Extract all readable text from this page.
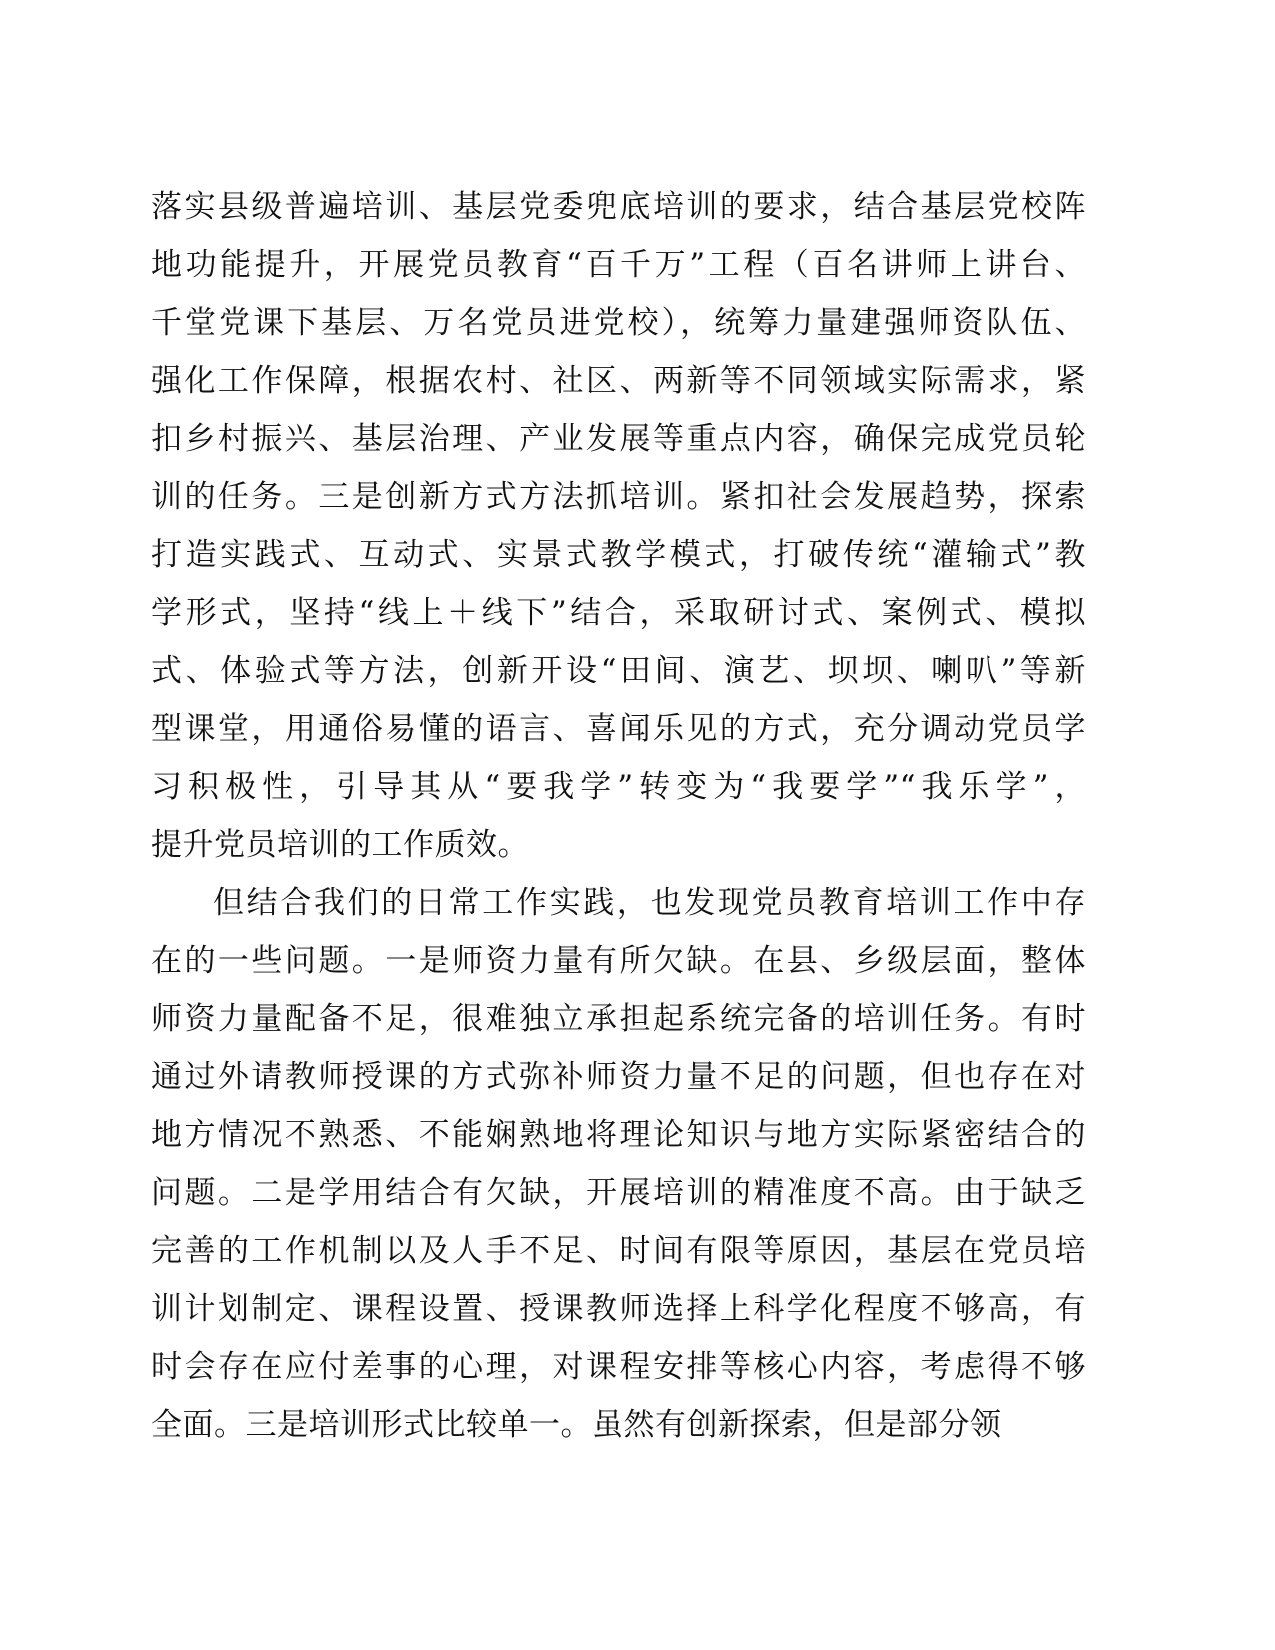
落实县级普遍培训、基层党委兜底培训的要求，结合基层党校阵
地功能提升，开展党员教育“百千万”工程（百名讲师上讲台、
千堂党课下基层、万名党员进党校），统筹力量建强师资队伍、
强化工作保障，根据农村、社区、两新等不同领域实际需求，紧
扣乡村振兴、基层治理、产业发展等重点内容，确保完成党员轮
训的任务。三是创新方式方法抓培训。紧扣社会发展趋势，探索
打造实践式、互动式、实景式教学模式，打破传统“灌输式”教
学形式，坚持“线上＋线下”结合，采取研讨式、案例式、模拟
式、体验式等方法，创新开设“田间、演艺、坝坝、喇叭”等新
型课堂，用通俗易懂的语言、喜闻乐见的方式，充分调动党员学
习积极性，引导其从“要我学”转变为“我要学”“我乐学”，
提升党员培训的工作质效。
但结合我们的日常工作实践，也发现党员教育培训工作中存
在的一些问题。一是师资力量有所欠缺。在县、乡级层面，整体
师资力量配备不足，很难独立承担起系统完备的培训任务。有时
通过外请教师授课的方式弥补师资力量不足的问题，但也存在对
地方情况不熟悉、不能娴熟地将理论知识与地方实际紧密结合的
问题。二是学用结合有欠缺，开展培训的精准度不高。由于缺乏
完善的工作机制以及人手不足、时间有限等原因，基层在党员培
训计划制定、课程设置、授课教师选择上科学化程度不够高，有
时会存在应付差事的心理，对课程安排等核心内容，考虑得不够
全面。三是培训形式比较单一。虽然有创新探索，但是部分领
